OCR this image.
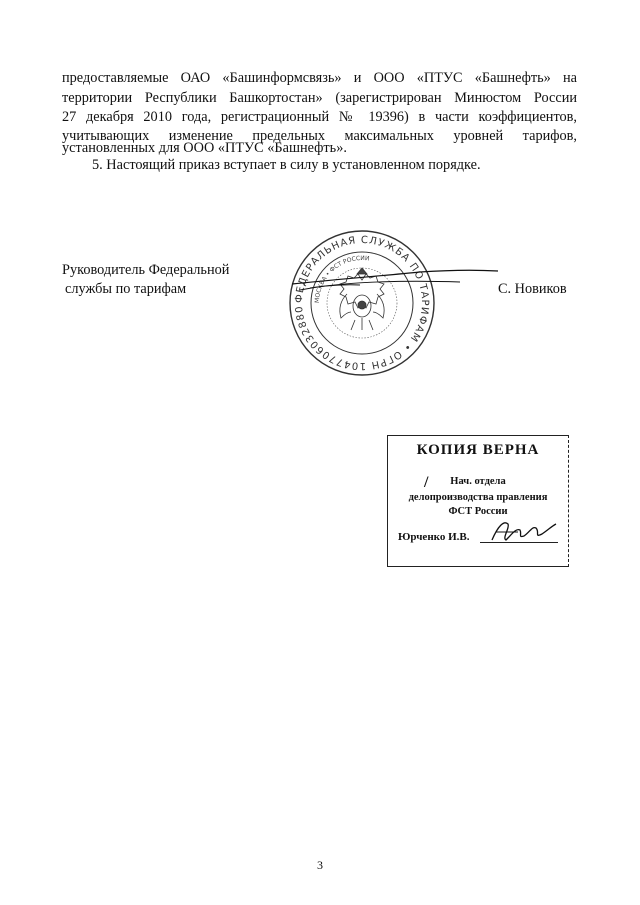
предоставляемые ОАО «Башинформсвязь» и ООО «ПТУС «Башнефть» на
территории Республики Башкортостан» (зарегистрирован Минюстом России
27 декабря 2010 года, регистрационный № 19396) в части коэффициентов,
учитывающих изменение предельных максимальных уровней тарифов,
установленных для ООО «ПТУС «Башнефть».
5. Настоящий приказ вступает в силу в установленном порядке.
Руководитель Федеральной
службы по тарифам
ФЕДЕРАЛЬНАЯ СЛУЖБА ПО ТАРИФАМ • ОГРН 1047706032880
МОСКВА • ФСТ РОССИИ
С. Новиков
КОПИЯ ВЕРНА
/	Нач. отдела
делопроизводства правления
ФСТ России
Юрченко И.В.
3
